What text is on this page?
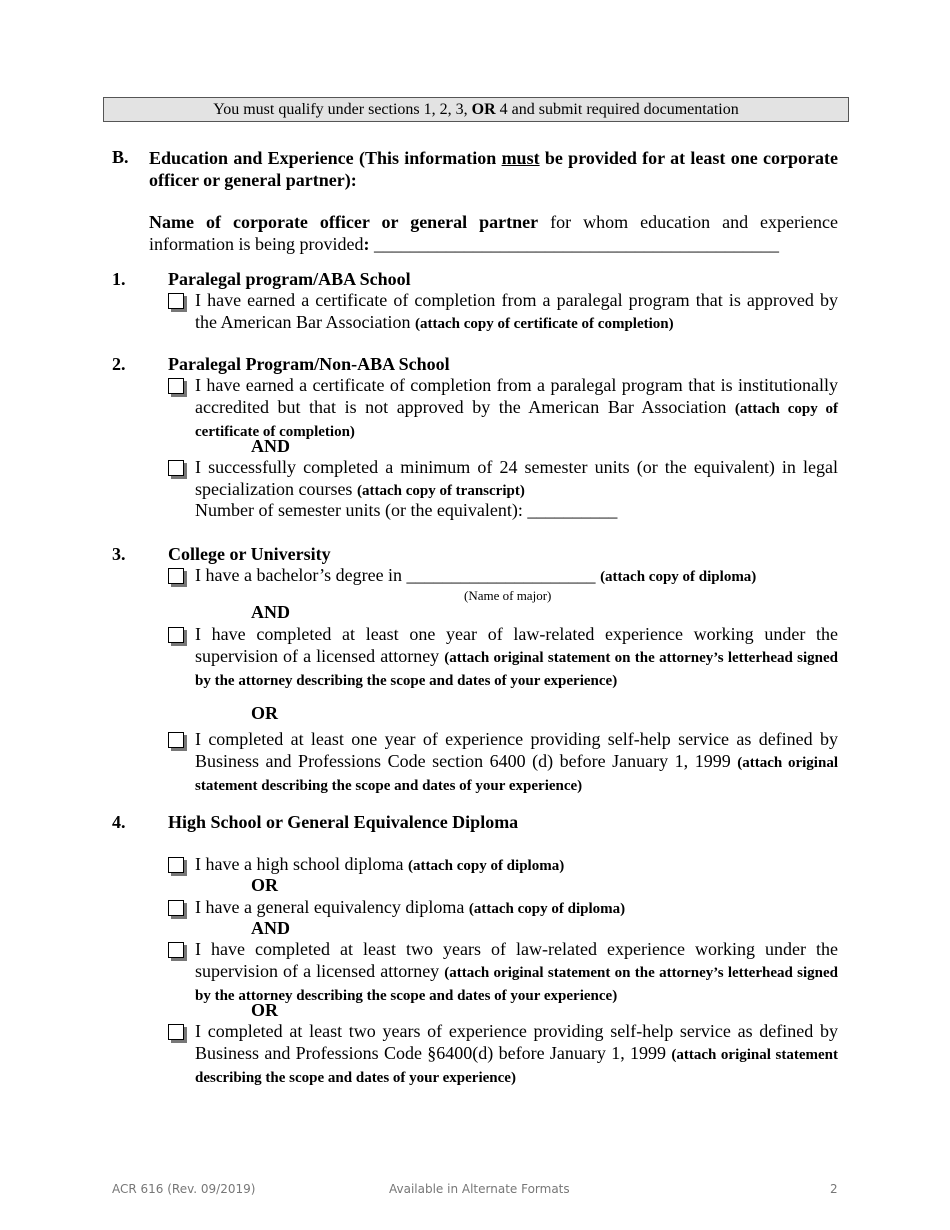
You must qualify under sections 1, 2, 3, OR 4 and submit required documentation
B. Education and Experience (This information must be provided for at least one corporate officer or general partner):
Name of corporate officer or general partner for whom education and experience information is being provided: _____________________________________________
1. Paralegal program/ABA School
I have earned a certificate of completion from a paralegal program that is approved by the American Bar Association (attach copy of certificate of completion)
2. Paralegal Program/Non-ABA School
I have earned a certificate of completion from a paralegal program that is institutionally accredited but that is not approved by the American Bar Association (attach copy of certificate of completion)
AND
I successfully completed a minimum of 24 semester units (or the equivalent) in legal specialization courses (attach copy of transcript)
Number of semester units (or the equivalent): __________
3. College or University
I have a bachelor’s degree in _____________________ (attach copy of diploma)
(Name of major)
AND
I have completed at least one year of law-related experience working under the supervision of a licensed attorney (attach original statement on the attorney’s letterhead signed by the attorney describing the scope and dates of your experience)
OR
I completed at least one year of experience providing self-help service as defined by Business and Professions Code section 6400 (d) before January 1, 1999 (attach original statement describing the scope and dates of your experience)
4. High School or General Equivalence Diploma
I have a high school diploma (attach copy of diploma)
OR
I have a general equivalency diploma (attach copy of diploma)
AND
I have completed at least two years of law-related experience working under the supervision of a licensed attorney (attach original statement on the attorney’s letterhead signed by the attorney describing the scope and dates of your experience)
OR
I completed at least two years of experience providing self-help service as defined by Business and Professions Code §6400(d) before January 1, 1999 (attach original statement describing the scope and dates of your experience)
ACR 616 (Rev. 09/2019)	Available in Alternate Formats	2
